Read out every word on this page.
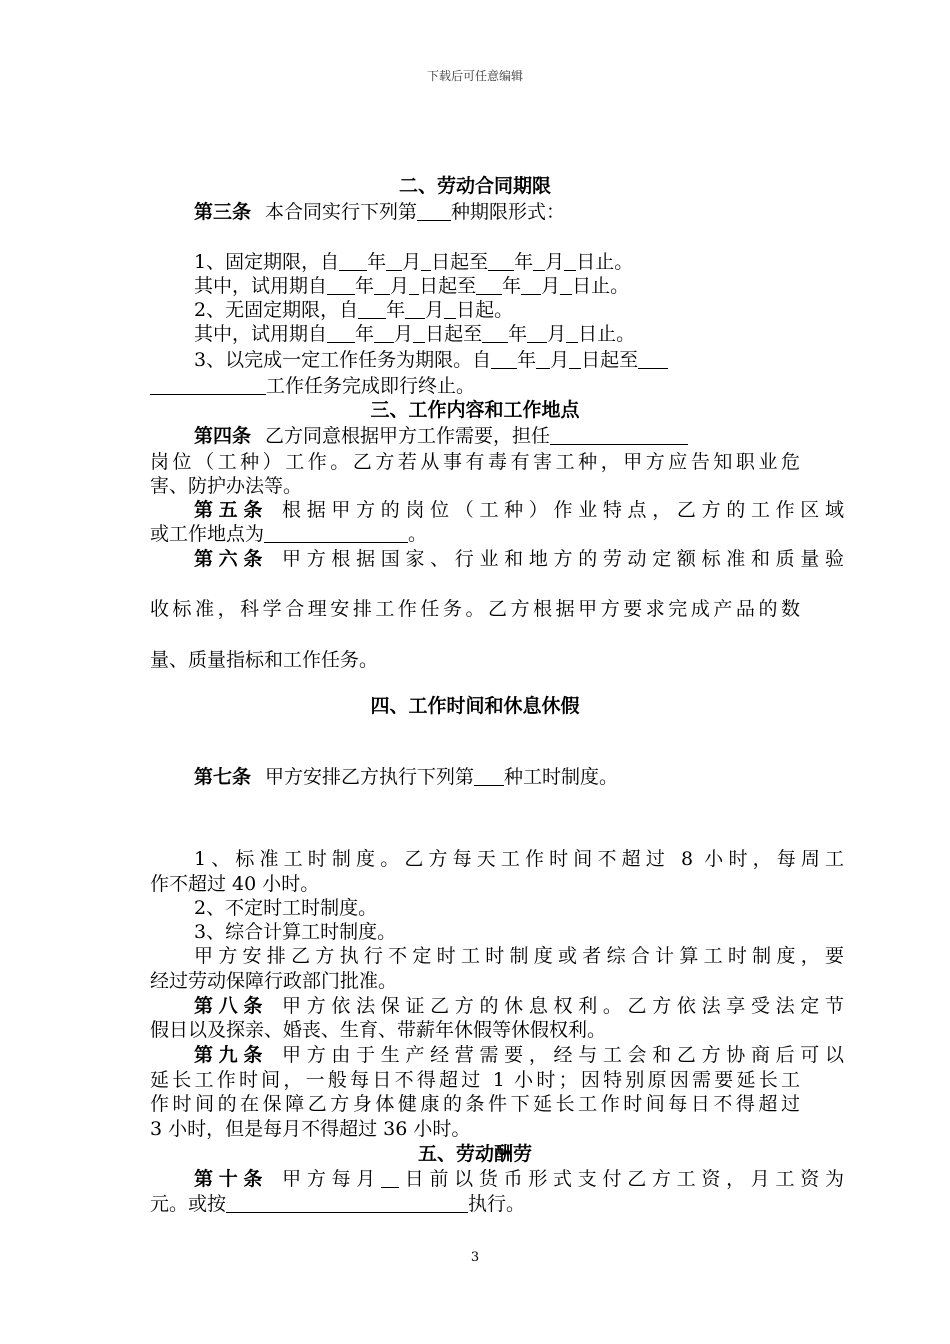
下载后可任意编辑
二、劳动合同期限
第三条 本合同实行下列第 种期限形式：
1、固定期限，自 年 月 日起至 年 月 日止。
其中，试用期自 年 月 日起至 年 月 日止。
2、无固定期限，自 年 月 日起。
其中，试用期自 年 月 日起至 年 月 日止。
3、以完成一定工作任务为期限。自 年 月 日起至
工作任务完成即行终止。
三、工作内容和工作地点
第四条 乙方同意根据甲方工作需要，担任
岗位（工种）工作。乙方若从事有毒有害工种，甲方应告知职业危
害、防护办法等。
第五条 根据甲方的岗位（工种）作业特点，乙方的工作区域
或工作地点为	。
第六条 甲方根据国家、行业和地方的劳动定额标准和质量验
收标准，科学合理安排工作任务。乙方根据甲方要求完成产品的数
量、质量指标和工作任务。
四、工作时间和休息休假
第七条 甲方安排乙方执行下列第 种工时制度。
1、标准工时制度。乙方每天工作时间不超过 8 小时，每周工
作不超过 40 小时。
2、不定时工时制度。
3、综合计算工时制度。
甲方安排乙方执行不定时工时制度或者综合计算工时制度，要
经过劳动保障行政部门批准。
第八条 甲方依法保证乙方的休息权利。乙方依法享受法定节
假日以及探亲、婚丧、生育、带薪年休假等休假权利。
第九条 甲方由于生产经营需要，经与工会和乙方协商后可以
延长工作时间，一般每日不得超过 1 小时；因特别原因需要延长工
作时间的在保障乙方身体健康的条件下延长工作时间每日不得超过
3 小时，但是每月不得超过 36 小时。
五、劳动酬劳
第十条 甲方每月 日前以货币形式支付乙方工资，月工资为
元。或按	执行。
3
